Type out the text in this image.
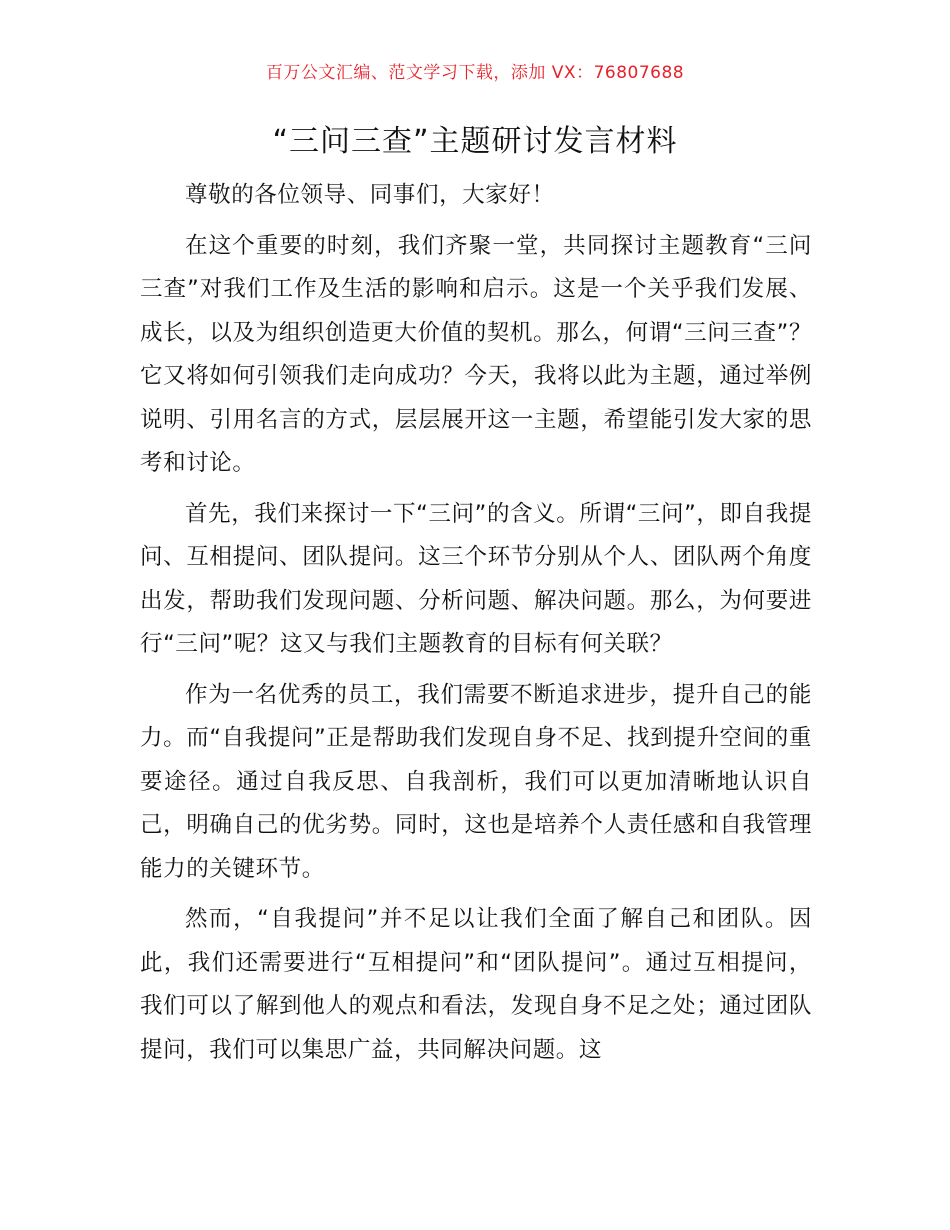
百万公文汇编、范文学习下载，添加 VX：76807688
“三问三查”主题研讨发言材料

尊敬的各位领导、同事们，大家好！

在这个重要的时刻，我们齐聚一堂，共同探讨主题教育“三问三查”对我们工作及生活的影响和启示。这是一个关乎我们发展、成长，以及为组织创造更大价值的契机。那么，何谓“三问三查”？它又将如何引领我们走向成功？今天，我将以此为主题，通过举例说明、引用名言的方式，层层展开这一主题，希望能引发大家的思考和讨论。

首先，我们来探讨一下“三问”的含义。所谓“三问”，即自我提问、互相提问、团队提问。这三个环节分别从个人、团队两个角度出发，帮助我们发现问题、分析问题、解决问题。那么，为何要进行“三问”呢？这又与我们主题教育的目标有何关联？

作为一名优秀的员工，我们需要不断追求进步，提升自己的能力。而“自我提问”正是帮助我们发现自身不足、找到提升空间的重要途径。通过自我反思、自我剖析，我们可以更加清晰地认识自己，明确自己的优劣势。同时，这也是培养个人责任感和自我管理能力的关键环节。

然而，“自我提问”并不足以让我们全面了解自己和团队。因此，我们还需要进行“互相提问”和“团队提问”。通过互相提问，我们可以了解到他人的观点和看法，发现自身不足之处；通过团队提问，我们可以集思广益，共同解决问题。这
